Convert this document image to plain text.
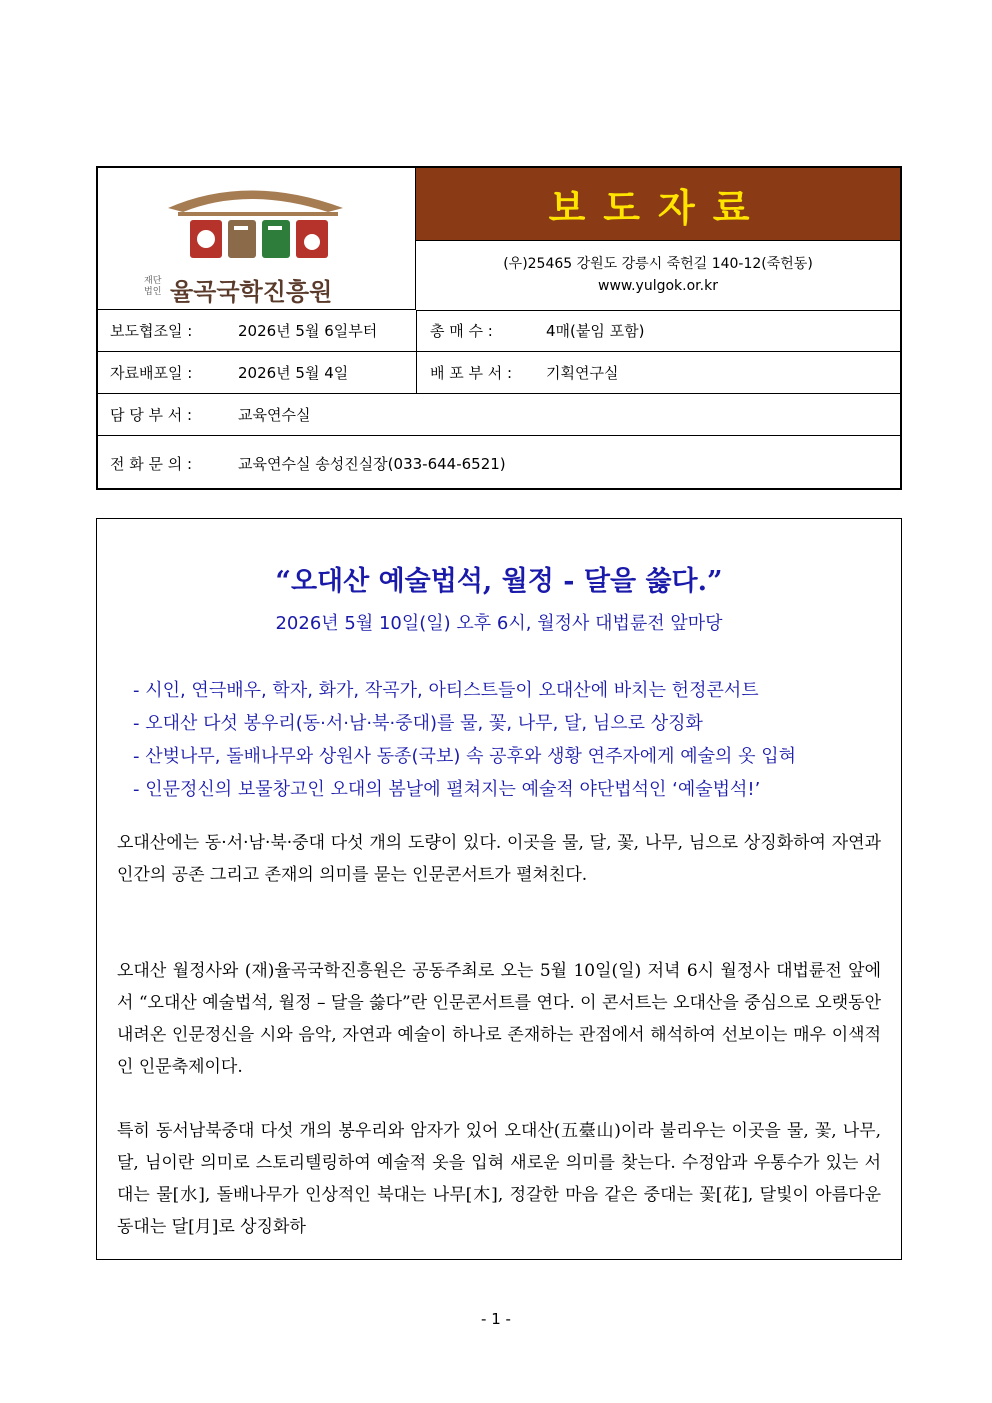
재단
법인 율곡국학진흥원
보도자료
(우)25465 강원도 강릉시 죽헌길 140-12(죽헌동)
www.yulgok.or.kr
보도협조일 :	2026년 5월 6일부터	총 매 수 :	4매(붙임 포함)
자료배포일 :	2026년 5월 4일	배 포 부 서 : 기획연구실
담 당 부 서 :	교육연수실
전 화 문 의 :	교육연수실 송성진실장(033-644-6521)
“오대산 예술법석, 월정 - 달을 쓿다.”
2026년 5월 10일(일) 오후 6시, 월정사 대법륜전 앞마당
- 시인, 연극배우, 학자, 화가, 작곡가, 아티스트들이 오대산에 바치는 헌정콘서트
- 오대산 다섯 봉우리(동·서·남·북·중대)를 물, 꽃, 나무, 달, 님으로 상징화
- 산벚나무, 돌배나무와 상원사 동종(국보) 속 공후와 생황 연주자에게 예술의 옷 입혀
- 인문정신의 보물창고인 오대의 봄날에 펼쳐지는 예술적 야단법석인 ‘예술법석!’

오대산에는 동·서·남·북·중대 다섯 개의 도량이 있다. 이곳을 물, 달, 꽃, 나무, 님으로 상징화하여 자연과 인간의 공존 그리고 존재의 의미를 묻는 인문콘서트가 펼쳐친다.

오대산 월정사와 (재)율곡국학진흥원은 공동주최로 오는 5월 10일(일) 저녁 6시 월정사 대법륜전 앞에서 “오대산 예술법석, 월정 – 달을 쓿다”란 인문콘서트를 연다. 이 콘서트는 오대산을 중심으로 오랫동안 내려온 인문정신을 시와 음악, 자연과 예술이 하나로 존재하는 관점에서 해석하여 선보이는 매우 이색적인 인문축제이다.

특히 동서남북중대 다섯 개의 봉우리와 암자가 있어 오대산(五臺山)이라 불리우는 이곳을 물, 꽃, 나무, 달, 님이란 의미로 스토리텔링하여 예술적 옷을 입혀 새로운 의미를 찾는다. 수정암과 우통수가 있는 서대는 물[水], 돌배나무가 인상적인 북대는 나무[木], 정갈한 마음 같은 중대는 꽃[花], 달빛이 아름다운 동대는 달[月]로 상징화하

- 1 -
